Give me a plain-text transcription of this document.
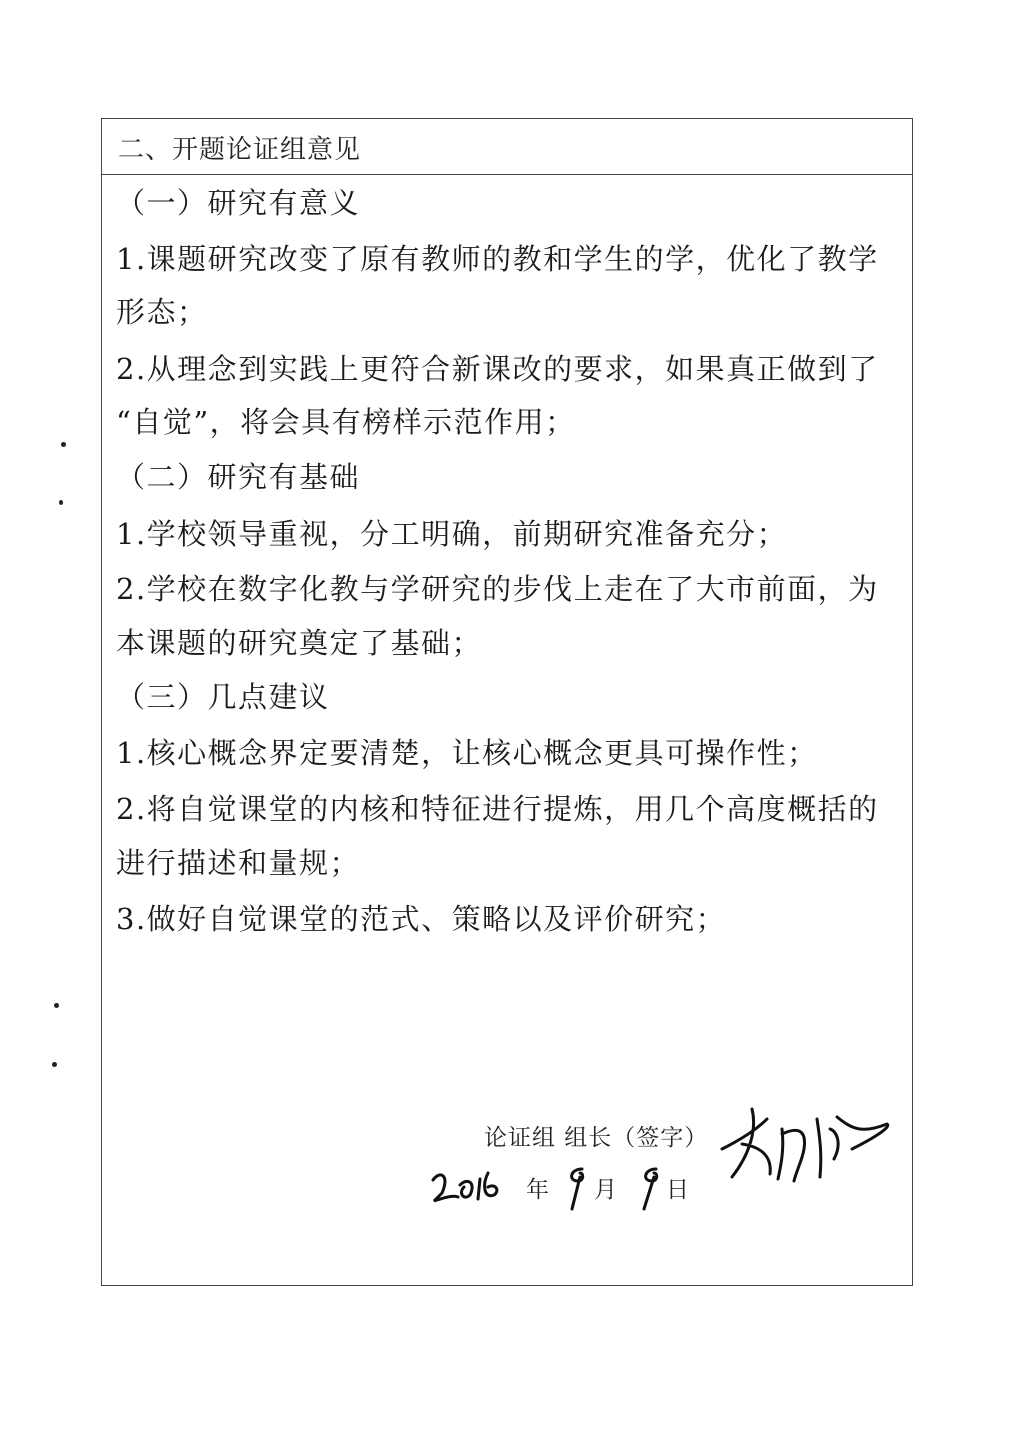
二、开题论证组意见
（一）研究有意义
1.课题研究改变了原有教师的教和学生的学，优化了教学
形态；
2.从理念到实践上更符合新课改的要求，如果真正做到了
“自觉”，将会具有榜样示范作用；
（二）研究有基础
1.学校领导重视，分工明确，前期研究准备充分；
2.学校在数字化教与学研究的步伐上走在了大市前面，为
本课题的研究奠定了基础；
（三）几点建议
1.核心概念界定要清楚，让核心概念更具可操作性；
2.将自觉课堂的内核和特征进行提炼，用几个高度概括的
进行描述和量规；
3.做好自觉课堂的范式、策略以及评价研究；
论证组 组长（签字）
年 月 日
